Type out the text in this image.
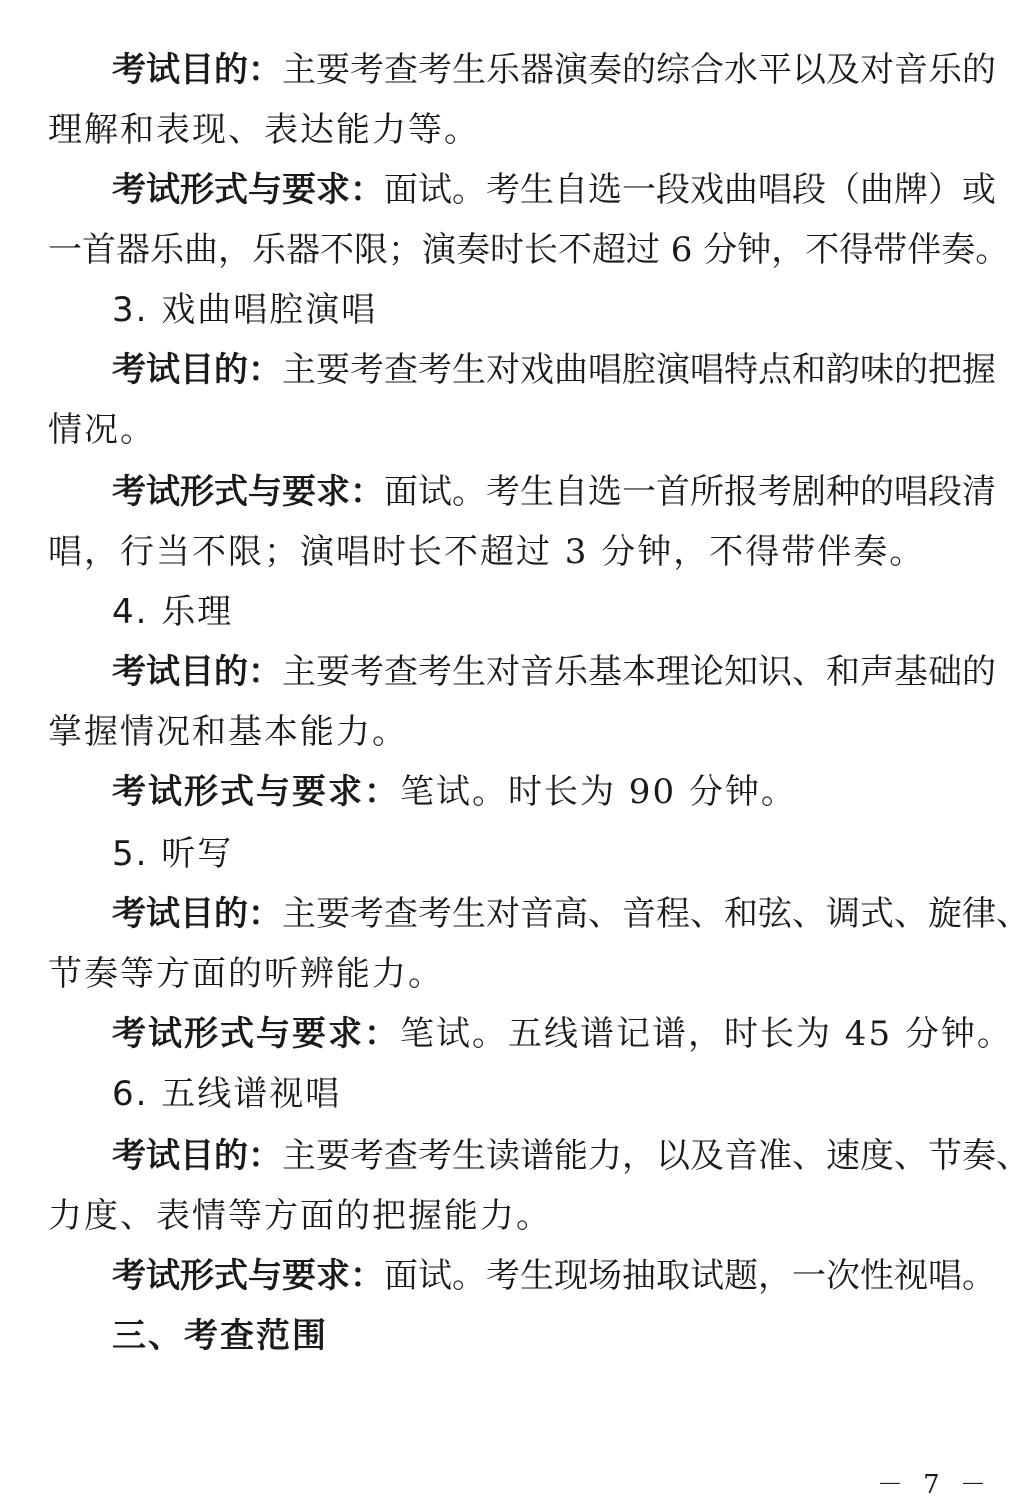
考试目的：主要考查考生乐器演奏的综合水平以及对音乐的
理解和表现、表达能力等。
考试形式与要求：面试。考生自选一段戏曲唱段（曲牌）或
一首器乐曲，乐器不限；演奏时长不超过 6 分钟，不得带伴奏。
3. 戏曲唱腔演唱
考试目的：主要考查考生对戏曲唱腔演唱特点和韵味的把握
情况。
考试形式与要求：面试。考生自选一首所报考剧种的唱段清
唱，行当不限；演唱时长不超过 3 分钟，不得带伴奏。
4. 乐理
考试目的：主要考查考生对音乐基本理论知识、和声基础的
掌握情况和基本能力。
考试形式与要求：笔试。时长为 90 分钟。
5. 听写
考试目的：主要考查考生对音高、音程、和弦、调式、旋律、
节奏等方面的听辨能力。
考试形式与要求：笔试。五线谱记谱，时长为 45 分钟。
6. 五线谱视唱
考试目的：主要考查考生读谱能力，以及音准、速度、节奏、
力度、表情等方面的把握能力。
考试形式与要求：面试。考生现场抽取试题，一次性视唱。
三、考查范围
－ 7 －
